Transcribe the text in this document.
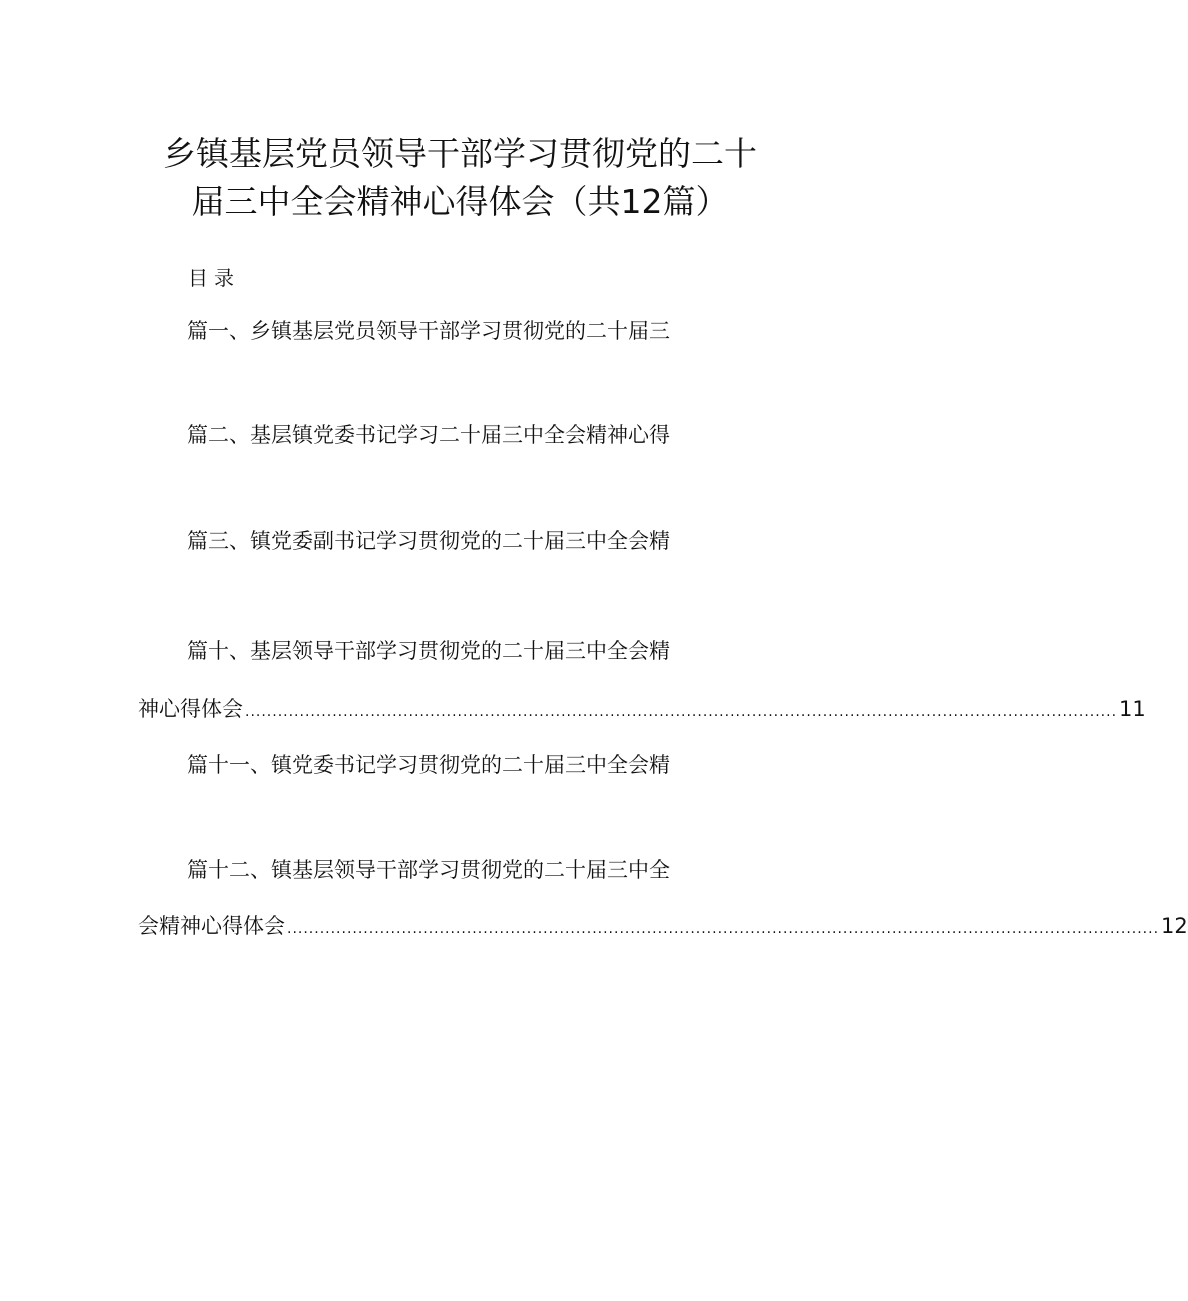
乡镇基层党员领导干部学习贯彻党的二十
届三中全会精神心得体会（共12篇）
目录
篇一、乡镇基层党员领导干部学习贯彻党的二十届三
篇二、基层镇党委书记学习二十届三中全会精神心得
篇三、镇党委副书记学习贯彻党的二十届三中全会精
篇十、基层领导干部学习贯彻党的二十届三中全会精
神心得体会 ................................................................................................................................................................ 11
篇十一、镇党委书记学习贯彻党的二十届三中全会精
篇十二、镇基层领导干部学习贯彻党的二十届三中全
会精神心得体会 ................................................................................................................................................................ 12
